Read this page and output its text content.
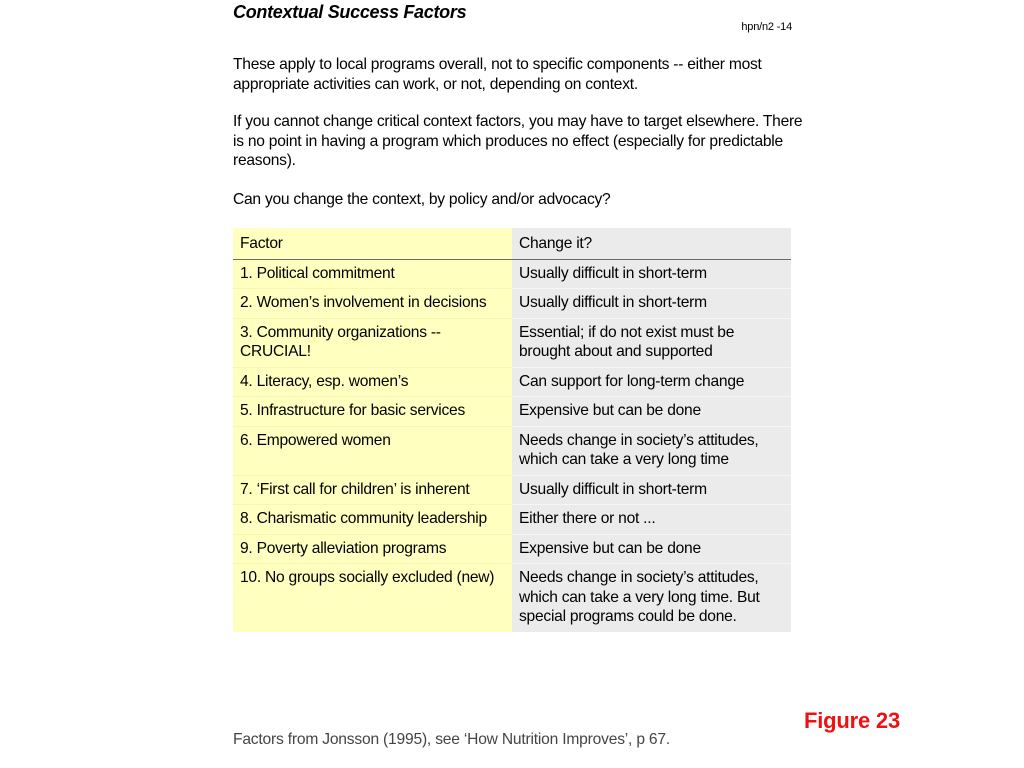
Contextual Success Factors
hpn/n2 -14

These apply to local programs overall, not to specific components -- either most appropriate activities can work, or not, depending on context.

If you cannot change critical context factors, you may have to target elsewhere. There is no point in having a program which produces no effect (especially for predictable reasons).

Can you change the context, by policy and/or advocacy?

Factor	Change it?
1. Political commitment	Usually difficult in short-term
2. Women’s involvement in decisions	Usually difficult in short-term
3. Community organizations -- CRUCIAL!	Essential; if do not exist must be brought about and supported
4. Literacy, esp. women’s	Can support for long-term change
5. Infrastructure for basic services	Expensive but can be done
6. Empowered women	Needs change in society’s attitudes, which can take a very long time
7. ‘First call for children’ is inherent	Usually difficult in short-term
8. Charismatic community leadership	Either there or not ...
9. Poverty alleviation programs	Expensive but can be done
10. No groups socially excluded (new)	Needs change in society’s attitudes, which can take a very long time. But special programs could be done.
Factors from Jonsson (1995), see ‘How Nutrition Improves’, p 67.
Figure 23
